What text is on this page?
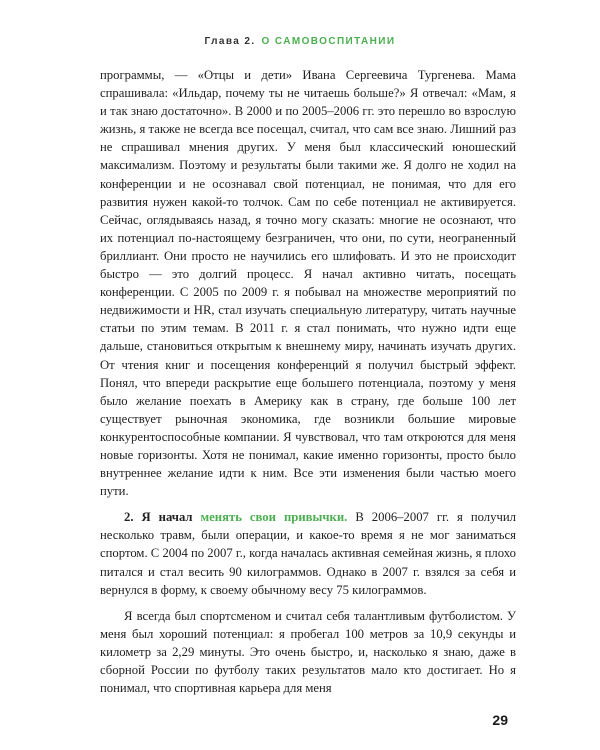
Глава 2. О САМОВОСПИТАНИИ

программы, — «Отцы и дети» Ивана Сергеевича Тургенева. Мама спрашивала: «Ильдар, почему ты не читаешь больше?» Я отвечал: «Мам, я и так знаю достаточно». В 2000 и по 2005–2006 гг. это перешло во взрослую жизнь, я также не всегда все посещал, считал, что сам все знаю. Лишний раз не спрашивал мнения других. У меня был классический юношеский максимализм. Поэтому и результаты были такими же. Я долго не ходил на конференции и не осознавал свой потенциал, не понимая, что для его развития нужен какой-то толчок. Сам по себе потенциал не активируется. Сейчас, оглядываясь назад, я точно могу сказать: многие не осознают, что их потенциал по-настоящему безграничен, что они, по сути, неограненный бриллиант. Они просто не научились его шлифовать. И это не происходит быстро — это долгий процесс. Я начал активно читать, посещать конференции. С 2005 по 2009 г. я побывал на множестве мероприятий по недвижимости и HR, стал изучать специальную литературу, читать научные статьи по этим темам. В 2011 г. я стал понимать, что нужно идти еще дальше, становиться открытым к внешнему миру, начинать изучать других. От чтения книг и посещения конференций я получил быстрый эффект. Понял, что впереди раскрытие еще большего потенциала, поэтому у меня было желание поехать в Америку как в страну, где больше 100 лет существует рыночная экономика, где возникли большие мировые конкурентоспособные компании. Я чувствовал, что там откроются для меня новые горизонты. Хотя не понимал, какие именно горизонты, просто было внутреннее желание идти к ним. Все эти изменения были частью моего пути.

2. Я начал менять свои привычки. В 2006–2007 гг. я получил несколько травм, были операции, и какое-то время я не мог заниматься спортом. С 2004 по 2007 г., когда началась активная семейная жизнь, я плохо питался и стал весить 90 килограммов. Однако в 2007 г. взялся за себя и вернулся в форму, к своему обычному весу 75 килограммов.

Я всегда был спортсменом и считал себя талантливым футболистом. У меня был хороший потенциал: я пробегал 100 метров за 10,9 секунды и километр за 2,29 минуты. Это очень быстро, и, насколько я знаю, даже в сборной России по футболу таких результатов мало кто достигает. Но я понимал, что спортивная карьера для меня

29
